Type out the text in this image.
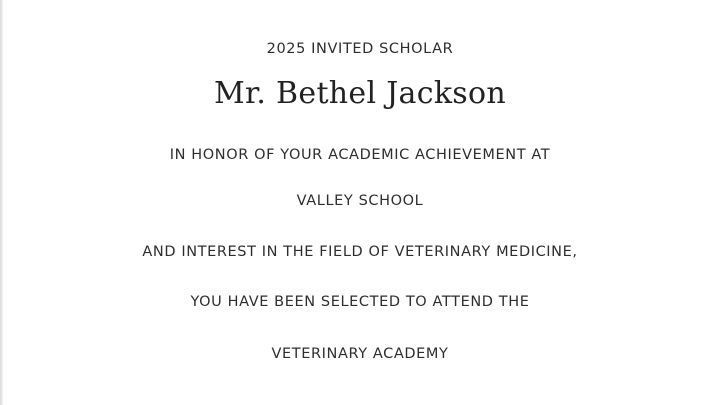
2025 INVITED SCHOLAR
Mr. Bethel Jackson
IN HONOR OF YOUR ACADEMIC ACHIEVEMENT AT
VALLEY SCHOOL
AND INTEREST IN THE FIELD OF VETERINARY MEDICINE,
YOU HAVE BEEN SELECTED TO ATTEND THE
VETERINARY ACADEMY
